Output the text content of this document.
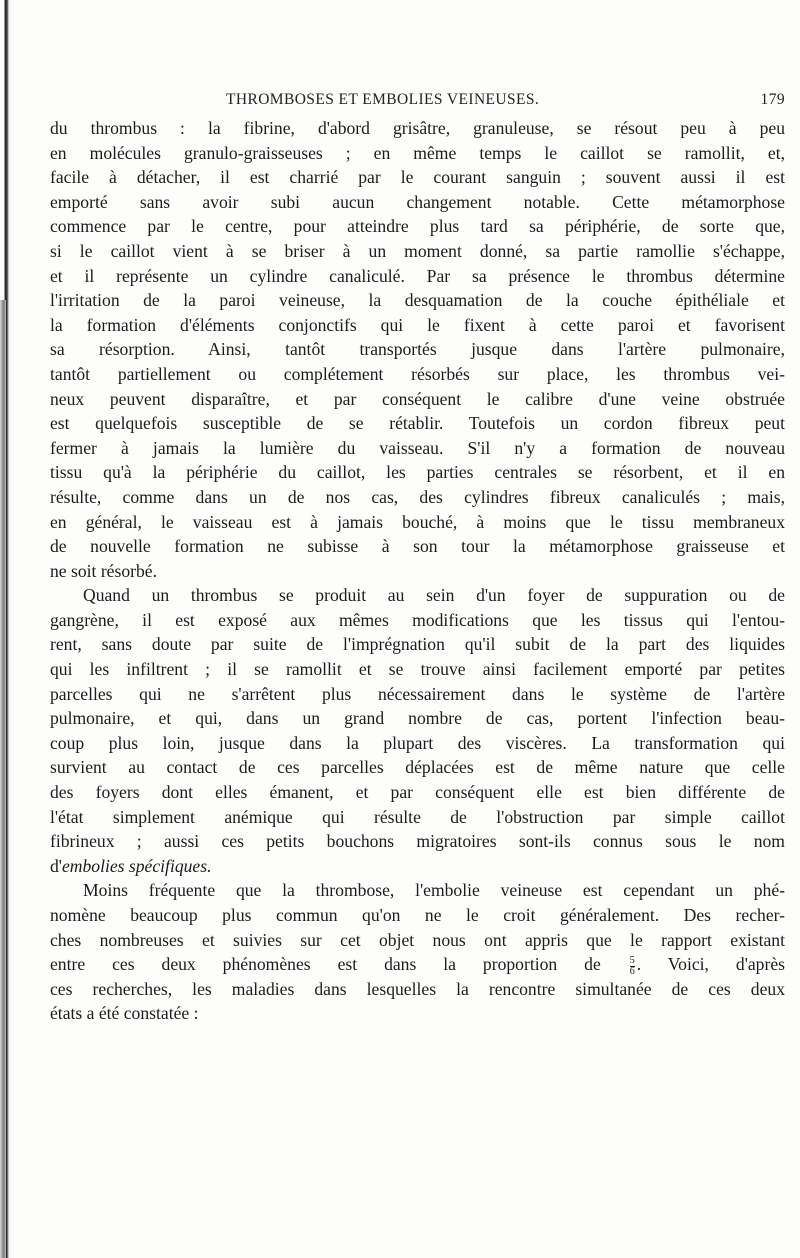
THROMBOSES ET EMBOLIES VEINEUSES.	179
du thrombus : la fibrine, d'abord grisâtre, granuleuse, se résout peu à peu
en molécules granulo-graisseuses ; en même temps le caillot se ramollit, et,
facile à détacher, il est charrié par le courant sanguin ; souvent aussi il est
emporté sans avoir subi aucun changement notable. Cette métamorphose
commence par le centre, pour atteindre plus tard sa périphérie, de sorte que,
si le caillot vient à se briser à un moment donné, sa partie ramollie s'échappe,
et il représente un cylindre canaliculé. Par sa présence le thrombus détermine
l'irritation de la paroi veineuse, la desquamation de la couche épithéliale et
la formation d'éléments conjonctifs qui le fixent à cette paroi et favorisent
sa résorption. Ainsi, tantôt transportés jusque dans l'artère pulmonaire,
tantôt partiellement ou complétement résorbés sur place, les thrombus vei-
neux peuvent disparaître, et par conséquent le calibre d'une veine obstruée
est quelquefois susceptible de se rétablir. Toutefois un cordon fibreux peut
fermer à jamais la lumière du vaisseau. S'il n'y a formation de nouveau
tissu qu'à la périphérie du caillot, les parties centrales se résorbent, et il en
résulte, comme dans un de nos cas, des cylindres fibreux canaliculés ; mais,
en général, le vaisseau est à jamais bouché, à moins que le tissu membraneux
de nouvelle formation ne subisse à son tour la métamorphose graisseuse et
ne soit résorbé.
Quand un thrombus se produit au sein d'un foyer de suppuration ou de
gangrène, il est exposé aux mêmes modifications que les tissus qui l'entou-
rent, sans doute par suite de l'imprégnation qu'il subit de la part des liquides
qui les infiltrent ; il se ramollit et se trouve ainsi facilement emporté par petites
parcelles qui ne s'arrêtent plus nécessairement dans le système de l'artère
pulmonaire, et qui, dans un grand nombre de cas, portent l'infection beau-
coup plus loin, jusque dans la plupart des viscères. La transformation qui
survient au contact de ces parcelles déplacées est de même nature que celle
des foyers dont elles émanent, et par conséquent elle est bien différente de
l'état simplement anémique qui résulte de l'obstruction par simple caillot
fibrineux ; aussi ces petits bouchons migratoires sont-ils connus sous le nom
d'embolies spécifiques.
Moins fréquente que la thrombose, l'embolie veineuse est cependant un phé-
nomène beaucoup plus commun qu'on ne le croit généralement. Des recher-
ches nombreuses et suivies sur cet objet nous ont appris que le rapport existant
entre ces deux phénomènes est dans la proportion de	$\frac{5}{6}$ . Voici, d'après
ces recherches, les maladies dans lesquelles la rencontre simultanée de ces deux
états a été constatée :
